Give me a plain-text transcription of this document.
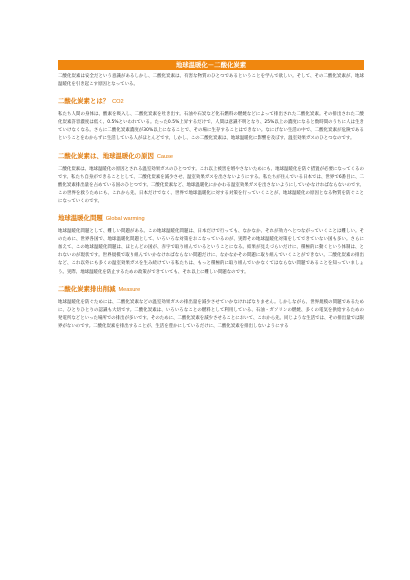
地球温暖化－二酸化炭素

二酸化炭素は安全だという意識があるしかし、二酸化炭素は、有害な物質のひとつであるということを学んで欲しい。そして、その二酸化炭素が、地球温暖化を引き起こす原因となっている。

二酸化炭素とは？ CO2

私たち人間の身体は、酸素を吸入し、二酸化炭素を吐き出す。石油や石炭など化石燃料の燃焼などによって排出された二酸化炭素。その排出された二酸化炭素許容濃度は低く、0.5%といわれている。たった0.5%上昇するだけで、人間は意識不明となり、25%以上の濃度になると数時間のうちに人は生きていけなくなる。さらに二酸化炭素濃度が30%以上になることで、その場に生存することはできない。なにげない生活の中で、二酸化炭素が危険であるということをわからずに生活している人がほとんどです。しかし、この二酸化炭素は、地球温暖化に影響を及ぼす、温室効果ガスのひとつなのです。

二酸化炭素は、地球温暖化の原因 Cause

二酸化炭素は、地球温暖化の原因とされる温室効果ガスのひとつです。これ以上被害を増やさないためにも、地球温暖化を防ぐ措置が必要になってくるのです。私たち自身ができることとして、二酸化炭素を減少させ、温室効果ガスを出さないようにする。私たちが住んでいる日本では、世界で6番目に、二酸化炭素排出量を占めている国のひとつです。二酸化炭素など、地球温暖化にかかわる温室効果ガスを出さないようにしていかなければならないのです。この世界を救うためにも、これから先、日本だけでなく、世界で地球温暖化に対する対策を行っていくことが、地球温暖化の原因となる物質を防ぐことになっていくのです。

地球温暖化問題 Global warming

地球温暖化問題として、難しい問題がある。この地球温暖化問題は、日本だけで行っても、なかなか、それが効力へとつながっていくことは難しい。そのために、世界各国で、地球温暖化問題として、いろいろな対策をおこなっているのが、実際その地球温暖化対策をしてできていない国も多い。さらに加えて、この地球温暖化問題は、ほとんどの国が、赤字で取り組んでいるということになる。結果が見えづらいだけに、積極的に動くという体制は、とれないのが現状です。世界規模で取り組んでいかなければならない問題だけに、なかなかその問題に取り組んでいくことができない。二酸化炭素の排出など、これ以外にも多くの温室効果ガスを生み続けている私たちは、もっと積極的に取り組んでいかなくてはならない問題であることを知っていましょう。実際、地球温暖化を防止するための政策ができていても、それ以上に難しい問題なのです。

二酸化炭素排出削減 Measure

地球温暖化を防ぐためには、二酸化炭素などの温室効果ガスの排出量を減少させていかなければなりません。しかしながら、世界規模の問題であるために、ひとりひとりの認識も大切です。二酸化炭素は、いろいろなことの燃料として利用している、石油・ガソリンの燃焼、多くの電気を供給するための発電所などといった場所での排出が多いです。そのために、二酸化炭素を減少させることにおいて、これから先、同じような生活では、その排出量では限界がないのです。二酸化炭素を排出することが、生活を豊かにしているだけに、二酸化炭素を排出しないようにする
